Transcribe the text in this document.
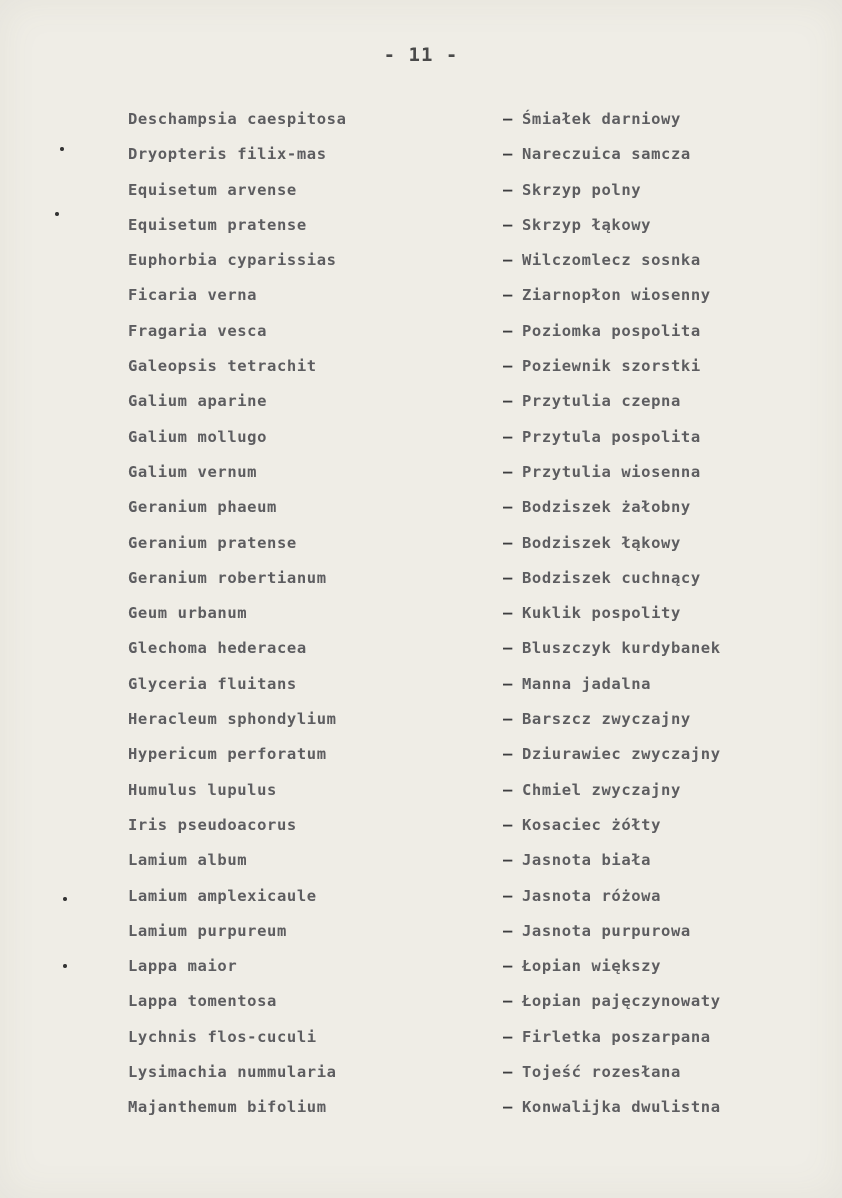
- 11 -
Deschampsia caespitosa	– Śmiałek darniowy
Dryopteris filix-mas	– Nareczuica samcza
Equisetum arvense	– Skrzyp polny
Equisetum pratense	– Skrzyp łąkowy
Euphorbia cyparissias	– Wilczomlecz sosnka
Ficaria verna	– Ziarnopłon wiosenny
Fragaria vesca	– Poziomka pospolita
Galeopsis tetrachit	– Poziewnik szorstki
Galium aparine	– Przytulia czepna
Galium mollugo	– Przytula pospolita
Galium vernum	– Przytulia wiosenna
Geranium phaeum	– Bodziszek żałobny
Geranium pratense	– Bodziszek łąkowy
Geranium robertianum	– Bodziszek cuchnący
Geum urbanum	– Kuklik pospolity
Glechoma hederacea	– Bluszczyk kurdybanek
Glyceria fluitans	– Manna jadalna
Heracleum sphondylium	– Barszcz zwyczajny
Hypericum perforatum	– Dziurawiec zwyczajny
Humulus lupulus	– Chmiel zwyczajny
Iris pseudoacorus	– Kosaciec żółty
Lamium album	– Jasnota biała
Lamium amplexicaule	– Jasnota różowa
Lamium purpureum	– Jasnota purpurowa
Lappa maior	– Łopian większy
Lappa tomentosa	– Łopian pajęczynowaty
Lychnis flos-cuculi	– Firletka poszarpana
Lysimachia nummularia	– Tojeść rozesłana
Majanthemum bifolium	– Konwalijka dwulistna
